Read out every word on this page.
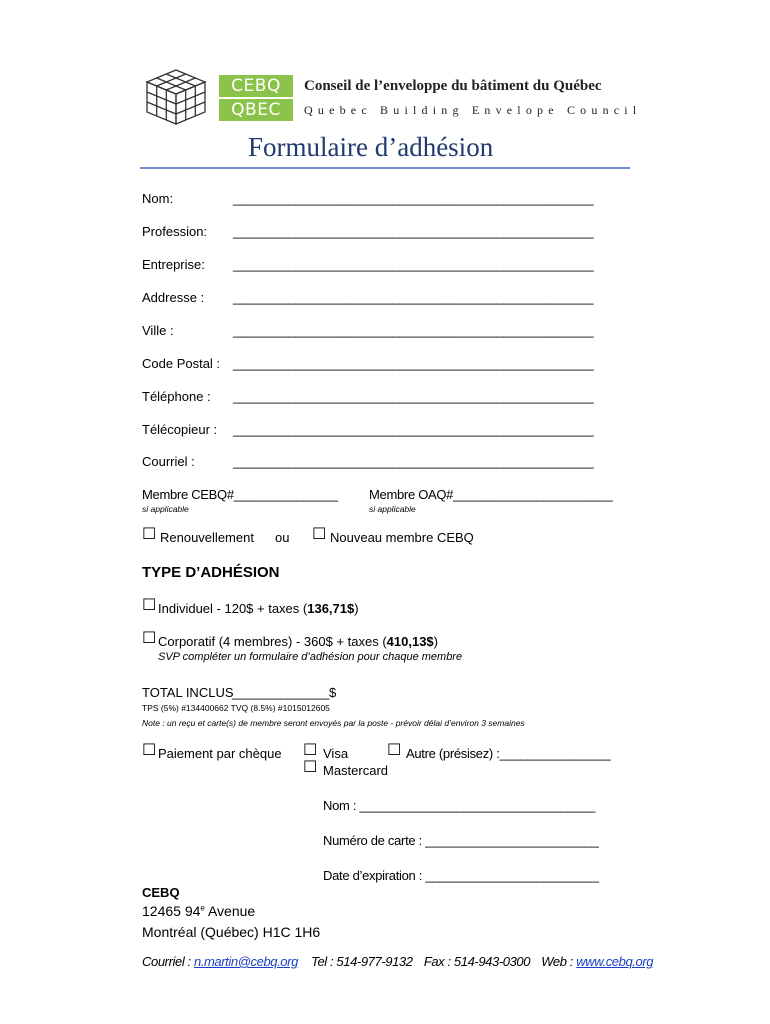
CEBQ
QBEC
Conseil de l’enveloppe du bâtiment du Québec
Quebec Building Envelope Council
Formulaire d’adhésion
Nom:	____________________________________________________
Profession: ____________________________________________________
Entreprise: ____________________________________________________
Addresse : ____________________________________________________
Ville :	____________________________________________________
Code Postal : ____________________________________________________
Téléphone : ____________________________________________________
Télécopieur : ____________________________________________________
Courriel :	____________________________________________________
Membre CEBQ#_______________
si applicable
Membre OAQ#_______________________
si applicable
☐ Renouvellement ou ☐ Nouveau membre CEBQ
TYPE D’ADHÉSION
☐ Individuel - 120$ + taxes (136,71$)
☐ Corporatif (4 membres) - 360$ + taxes (410,13$)
SVP compléter un formulaire d’adhésion pour chaque membre
TOTAL INCLUS
______________$
TPS (5%) #134400662 TVQ (8.5%) #1015012605
Note : un reçu et carte(s) de membre seront envoyés par la poste - prévoir délai d’environ 3 semaines
☐ Paiement par chèque ☐ Visa ☐ Autre (présisez) :________________
☐ Mastercard
Nom : __________________________________
Numéro de carte : _________________________
Date d’expiration : _________________________
CEBQ
12465 94e Avenue
Montréal (Québec) H1C 1H6
Courriel : n.martin@cebq.org Tel : 514-977-9132 Fax : 514-943-0300 Web : www.cebq.org
